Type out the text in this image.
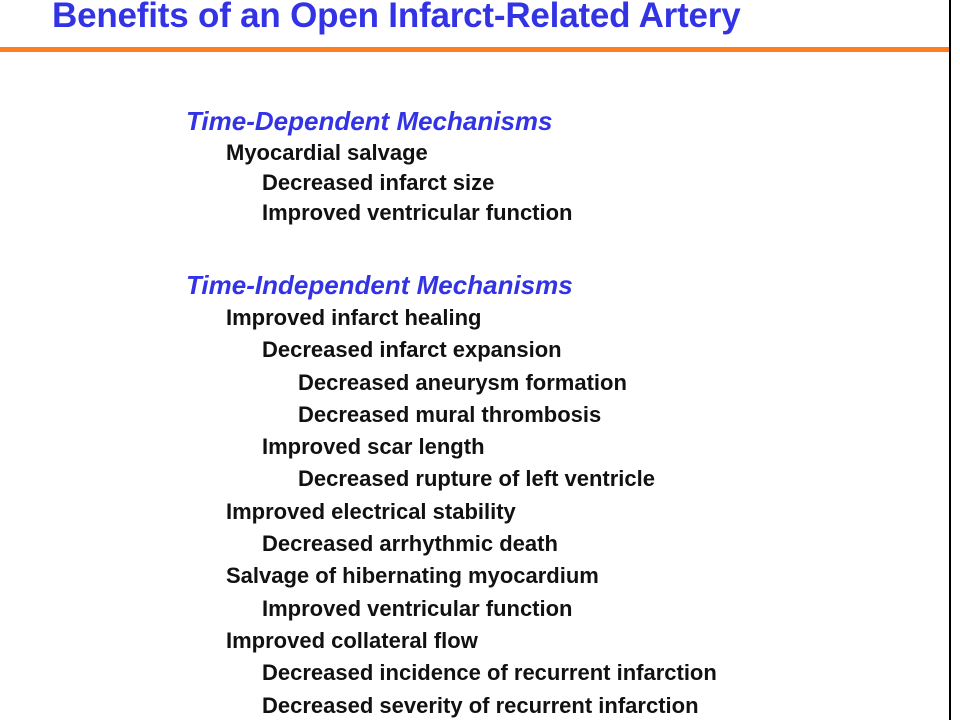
Benefits of an Open Infarct-Related Artery
Time-Dependent Mechanisms
Myocardial salvage
Decreased infarct size
Improved ventricular function
Time-Independent Mechanisms
Improved infarct healing
Decreased infarct expansion
Decreased aneurysm formation
Decreased mural thrombosis
Improved scar length
Decreased rupture of left ventricle
Improved electrical stability
Decreased arrhythmic death
Salvage of hibernating myocardium
Improved ventricular function
Improved collateral flow
Decreased incidence of recurrent infarction
Decreased severity of recurrent infarction
